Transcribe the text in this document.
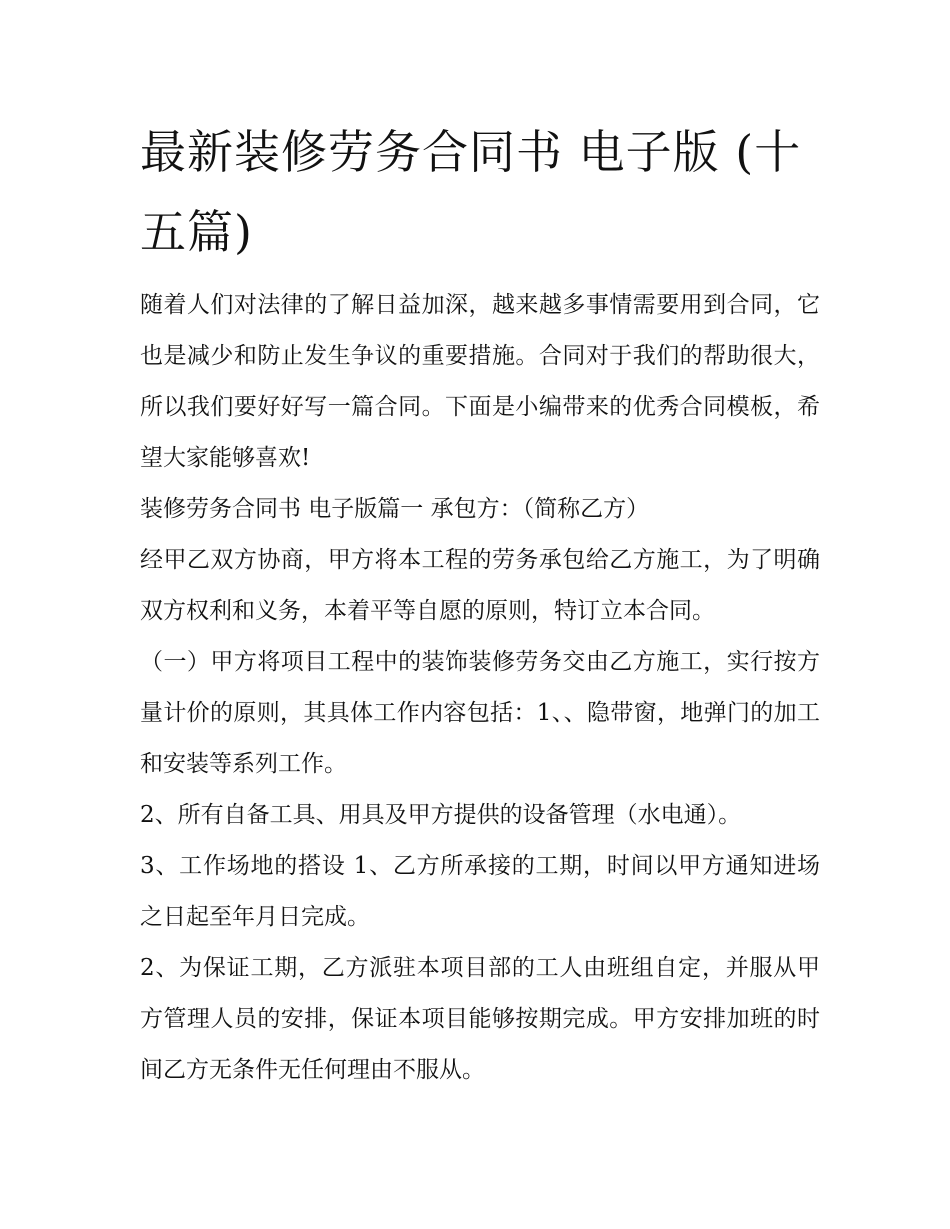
最新装修劳务合同书 电子版 (十五篇)

随着人们对法律的了解日益加深，越来越多事情需要用到合同，它也是减少和防止发生争议的重要措施。合同对于我们的帮助很大，所以我们要好好写一篇合同。下面是小编带来的优秀合同模板，希望大家能够喜欢!

装修劳务合同书 电子版篇一 承包方：（简称乙方）

经甲乙双方协商，甲方将本工程的劳务承包给乙方施工，为了明确双方权利和义务，本着平等自愿的原则，特订立本合同。

（一）甲方将项目工程中的装饰装修劳务交由乙方施工，实行按方量计价的原则，其具体工作内容包括：1、、隐带窗，地弹门的加工和安装等系列工作。

2、所有自备工具、用具及甲方提供的设备管理（水电通）。

3、工作场地的搭设 1、乙方所承接的工期，时间以甲方通知进场之日起至年月日完成。

2、为保证工期，乙方派驻本项目部的工人由班组自定，并服从甲方管理人员的安排，保证本项目能够按期完成。甲方安排加班的时间乙方无条件无任何理由不服从。
